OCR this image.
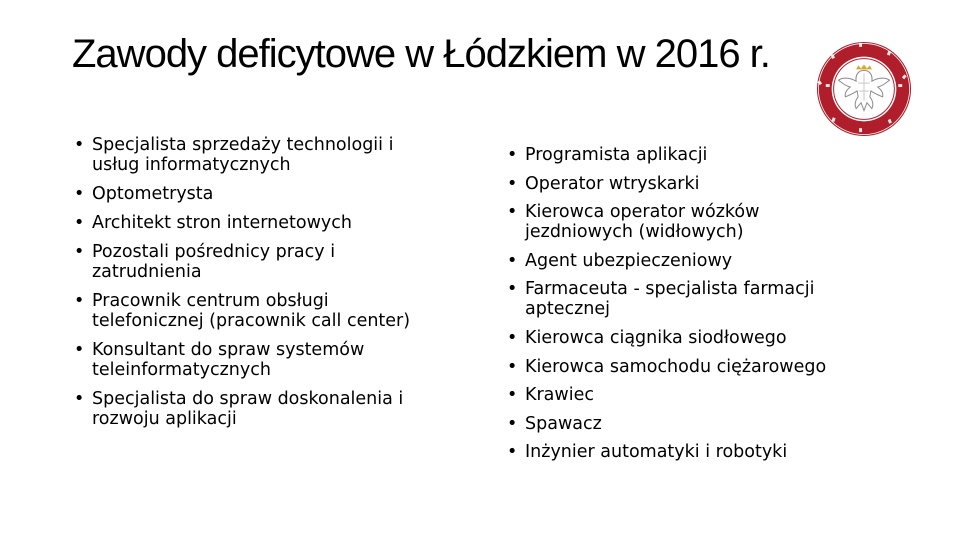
Zawody deficytowe w Łódzkiem w 2016 r.
• Specjalista sprzedaży technologii i usług informatycznych
• Optometrysta
• Architekt stron internetowych
• Pozostali pośrednicy pracy i zatrudnienia
• Pracownik centrum obsługi telefonicznej (pracownik call center)
• Konsultant do spraw systemów teleinformatycznych
• Specjalista do spraw doskonalenia i rozwoju aplikacji
• Programista aplikacji
• Operator wtryskarki
• Kierowca operator wózków jezdniowych (widłowych)
• Agent ubezpieczeniowy
• Farmaceuta - specjalista farmacji aptecznej
• Kierowca ciągnika siodłowego
• Kierowca samochodu ciężarowego
• Krawiec
• Spawacz
• Inżynier automatyki i robotyki
